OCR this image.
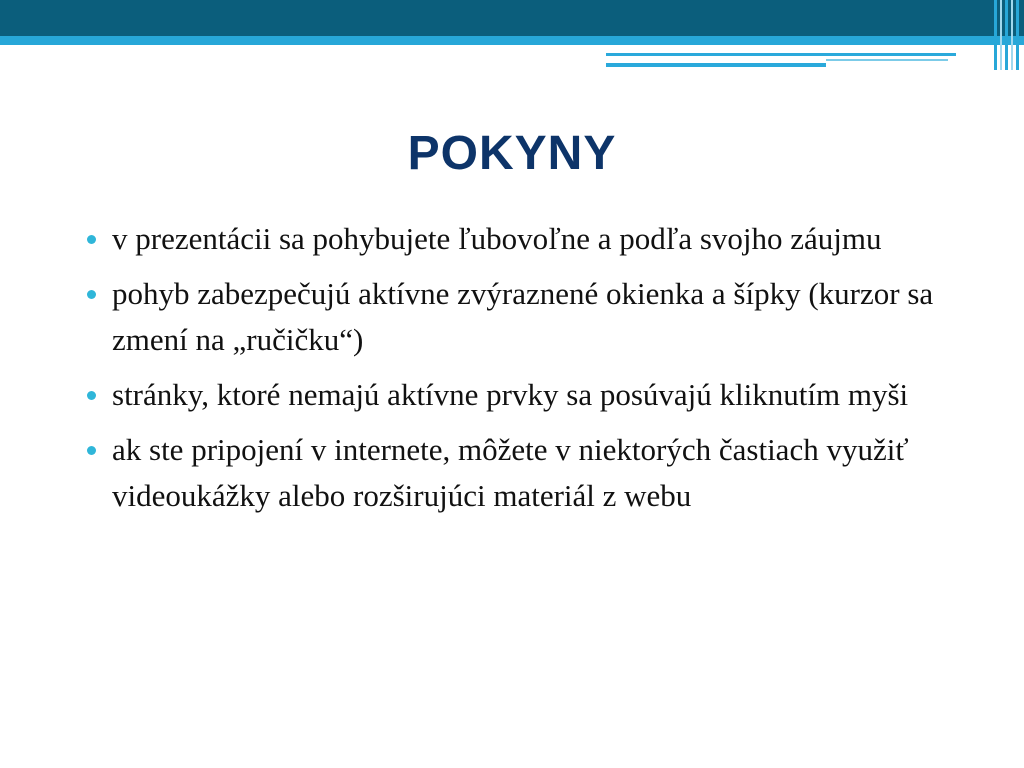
POKYNY
v prezentácii sa pohybujete ľubovoľne a podľa svojho záujmu
pohyb zabezpečujú aktívne zvýraznené okienka a šípky (kurzor sa zmení na „ručičku“)
stránky, ktoré nemajú aktívne prvky sa posúvajú kliknutím myši
ak ste pripojení v internete, môžete v niektorých častiach využiť videoukážky alebo rozširujúci materiál z webu
